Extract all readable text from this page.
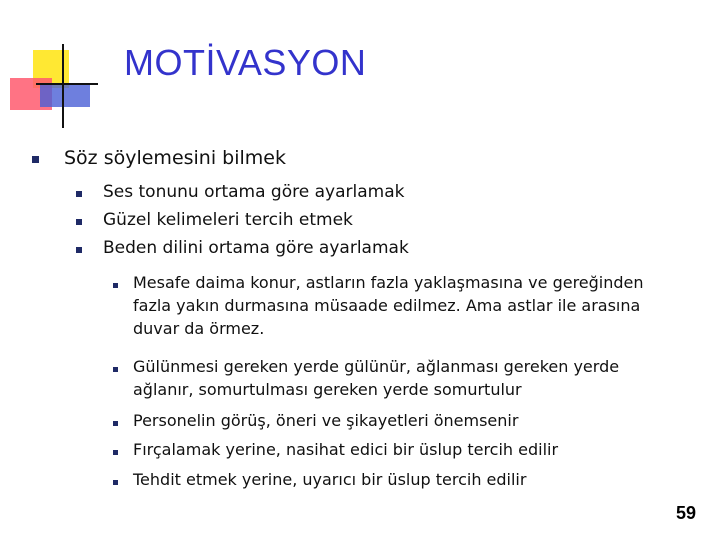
MOTİVASYON
Söz söylemesini bilmek
Ses tonunu ortama göre ayarlamak
Güzel kelimeleri tercih etmek
Beden dilini ortama göre ayarlamak
Mesafe daima konur, astların fazla yaklaşmasına ve gereğinden
fazla yakın durmasına müsaade edilmez. Ama astlar ile arasına
duvar da örmez.
Gülünmesi gereken yerde gülünür, ağlanması gereken yerde
ağlanır, somurtulması gereken yerde somurtulur
Personelin görüş, öneri ve şikayetleri önemsenir
Fırçalamak yerine, nasihat edici bir üslup tercih edilir
Tehdit etmek yerine, uyarıcı bir üslup tercih edilir
59
